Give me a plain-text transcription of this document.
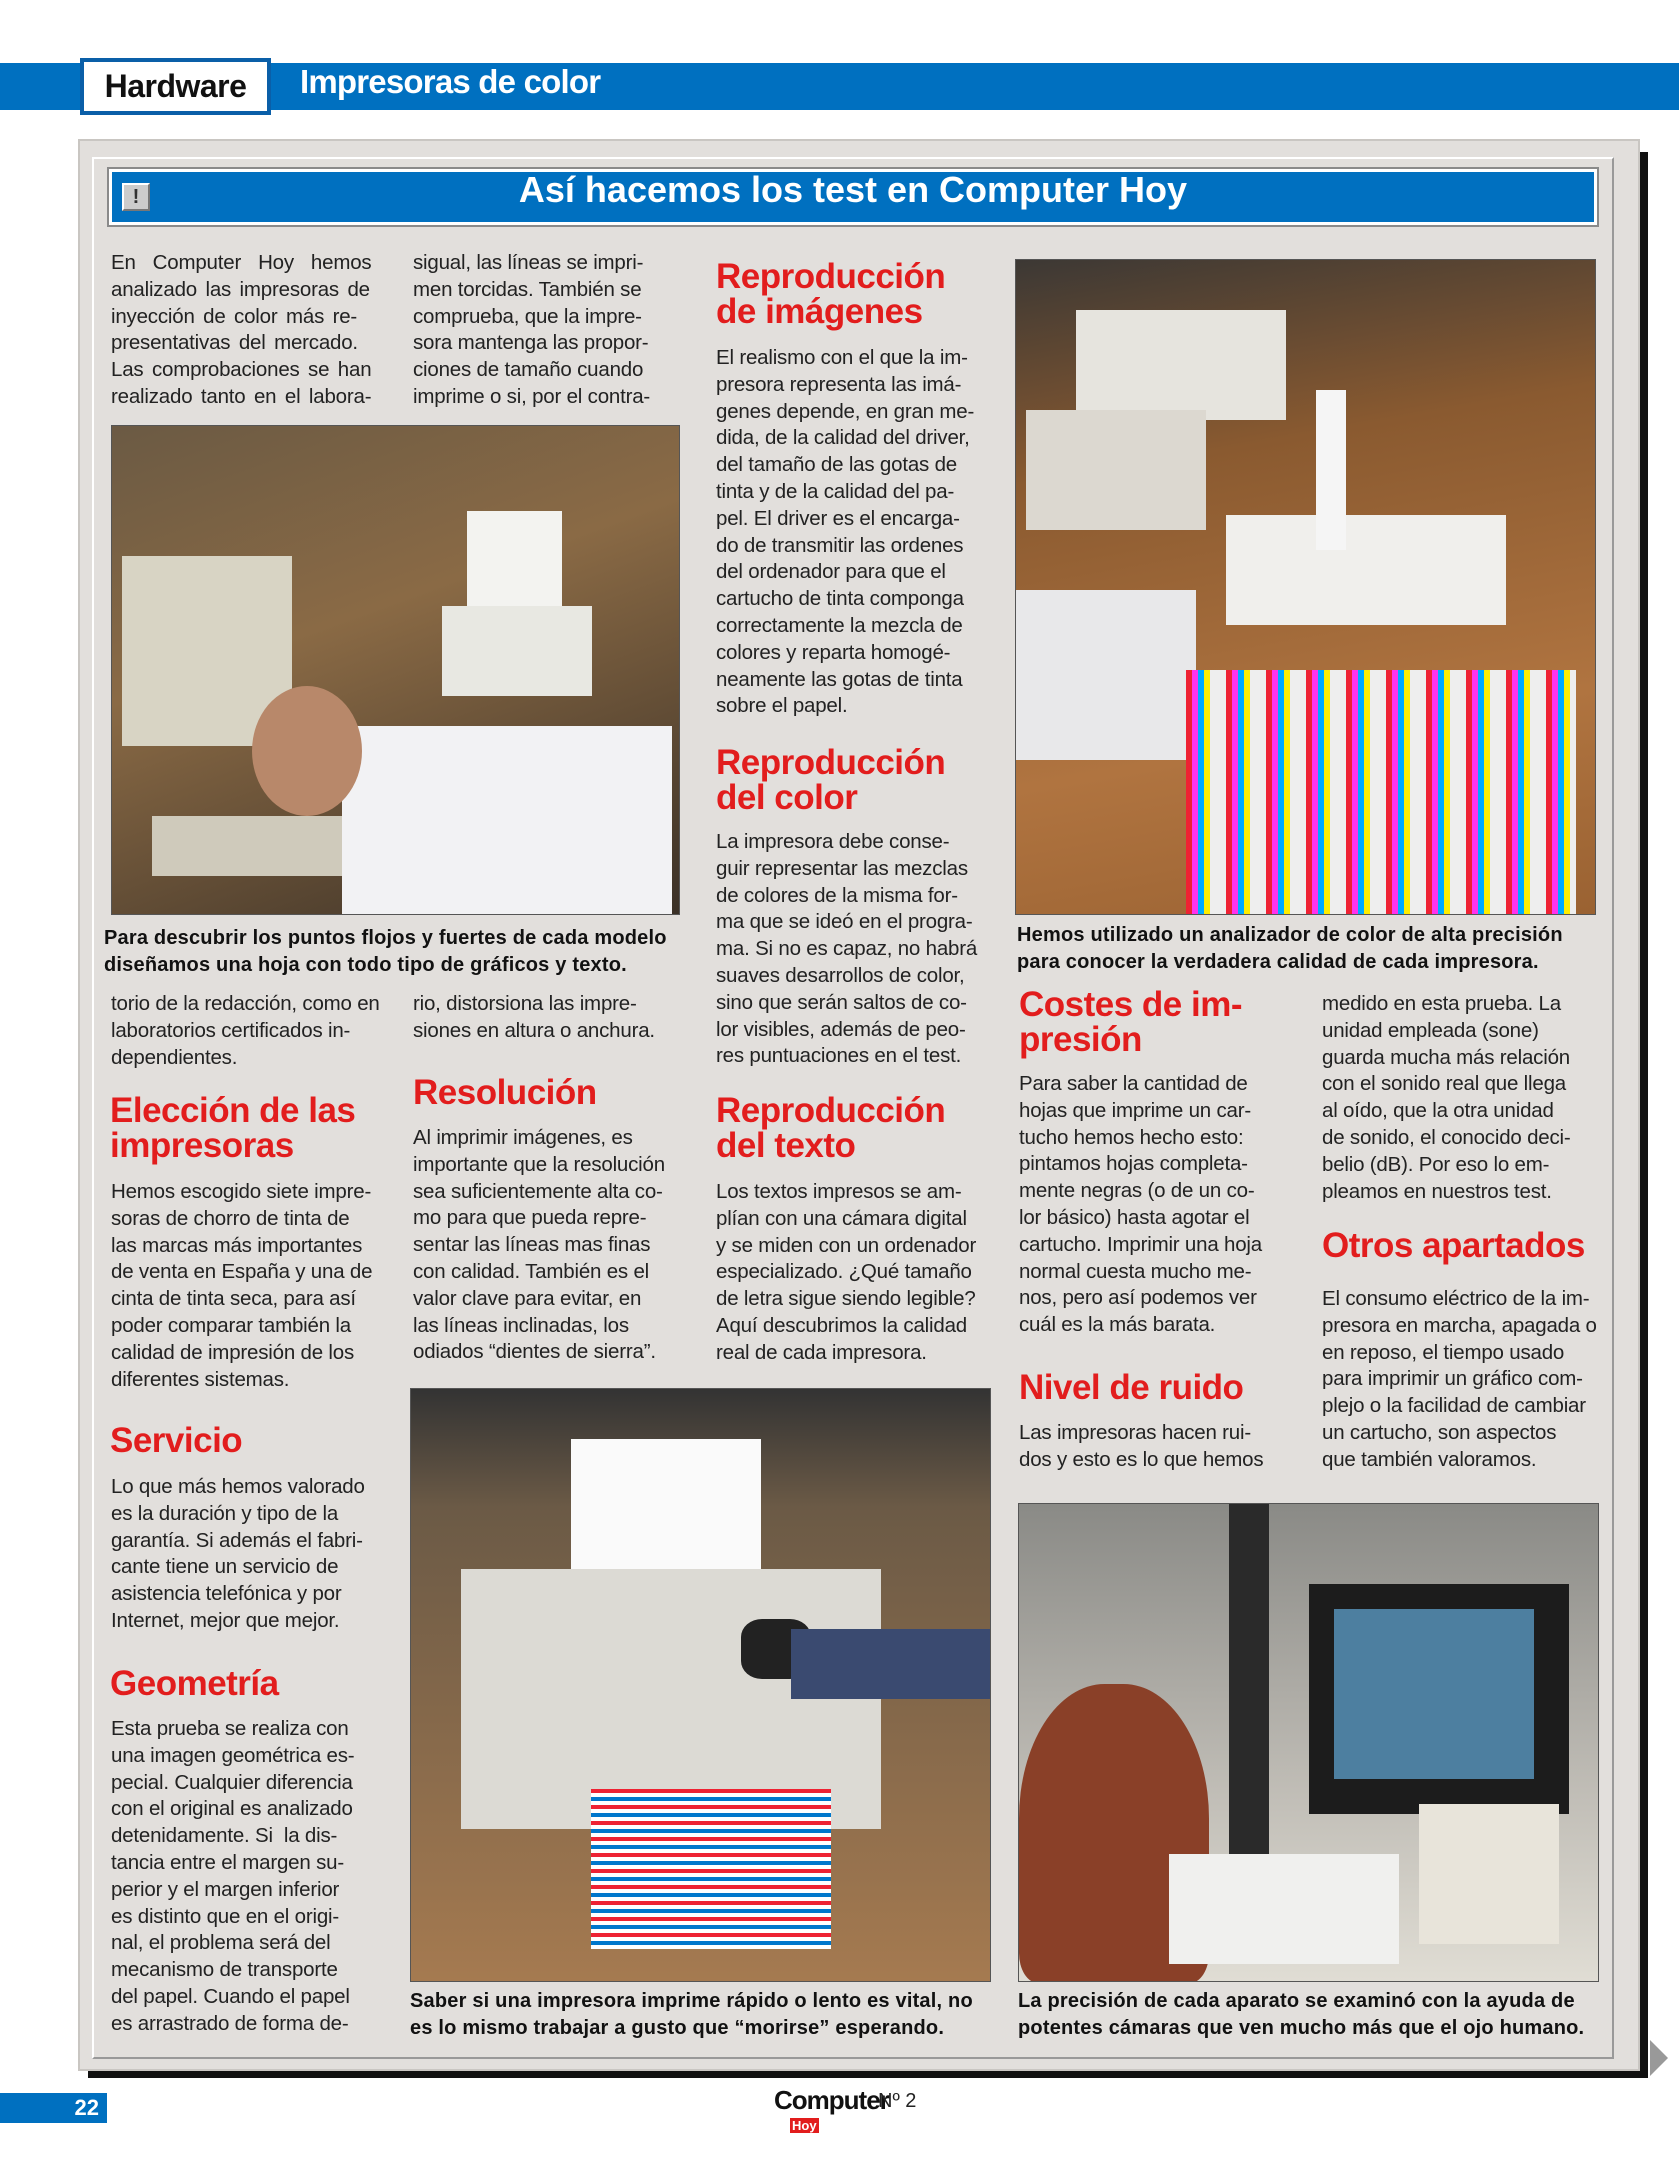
Hardware	Impresoras de color
!	Así hacemos los test en Computer Hoy
En  Computer  Hoy  hemos
analizado las impresoras de
inyección de color más re-
presentativas del mercado.
Las comprobaciones se han
realizado tanto en el labora-
torio de la redacción, como en
laboratorios certificados in-
dependientes.
Elección de las
impresoras
Hemos escogido siete impre-
soras de chorro de tinta de
las marcas más importantes
de venta en España y una de
cinta de tinta seca, para así
poder comparar también la
calidad de impresión de los
diferentes sistemas.
Servicio
Lo que más hemos valorado
es la duración y tipo de la
garantía. Si además el fabri-
cante tiene un servicio de
asistencia telefónica y por
Internet, mejor que mejor.
Geometría
Esta prueba se realiza con
una imagen geométrica es-
pecial. Cualquier diferencia
con el original es analizado
detenidamente. Si  la dis-
tancia entre el margen su-
perior y el margen inferior
es distinto que en el origi-
nal, el problema será del
mecanismo de transporte
del papel. Cuando el papel
es arrastrado de forma de-
sigual, las líneas se impri-
men torcidas. También se
comprueba, que la impre-
sora mantenga las propor-
ciones de tamaño cuando
imprime o si, por el contra-
rio, distorsiona las impre-
siones en altura o anchura.
Resolución
Al imprimir imágenes, es
importante que la resolución
sea suficientemente alta co-
mo para que pueda repre-
sentar las líneas mas finas
con calidad. También es el
valor clave para evitar, en
las líneas inclinadas, los
odiados “dientes de sierra”.
Reproducción
de imágenes
El realismo con el que la im-
presora representa las imá-
genes depende, en gran me-
dida, de la calidad del driver,
del tamaño de las gotas de
tinta y de la calidad del pa-
pel. El driver es el encarga-
do de transmitir las ordenes
del ordenador para que el
cartucho de tinta componga
correctamente la mezcla de
colores y reparta homogé-
neamente las gotas de tinta
sobre el papel.
Reproducción
del color
La impresora debe conse-
guir representar las mezclas
de colores de la misma for-
ma que se ideó en el progra-
ma. Si no es capaz, no habrá
suaves desarrollos de color,
sino que serán saltos de co-
lor visibles, además de peo-
res puntuaciones en el test.
Reproducción
del texto
Los textos impresos se am-
plían con una cámara digital
y se miden con un ordenador
especializado. ¿Qué tamaño
de letra sigue siendo legible?
Aquí descubrimos la calidad
real de cada impresora.
Costes de im-
presión
Para saber la cantidad de
hojas que imprime un car-
tucho hemos hecho esto:
pintamos hojas completa-
mente negras (o de un co-
lor básico) hasta agotar el
cartucho. Imprimir una hoja
normal cuesta mucho me-
nos, pero así podemos ver
cuál es la más barata.
Nivel de ruido
Las impresoras hacen rui-
dos y esto es lo que hemos
medido en esta prueba. La
unidad empleada (sone)
guarda mucha más relación
con el sonido real que llega
al oído, que la otra unidad
de sonido, el conocido deci-
belio (dB). Por eso lo em-
pleamos en nuestros test.
Otros apartados
El consumo eléctrico de la im-
presora en marcha, apagada o
en reposo, el tiempo usado
para imprimir un gráfico com-
plejo o la facilidad de cambiar
un cartucho, son aspectos
que también valoramos.
Para descubrir los puntos flojos y fuertes de cada modelo
diseñamos una hoja con todo tipo de gráficos y texto.
Hemos utilizado un analizador de color de alta precisión
para conocer la verdadera calidad de cada impresora.
Saber si una impresora imprime rápido o lento es vital, no
es lo mismo trabajar a gusto que “morirse” esperando.
La precisión de cada aparato se examinó con la ayuda de
potentes cámaras que ven mucho más que el ojo humano.
22	Computer
Hoy
Nº 2
